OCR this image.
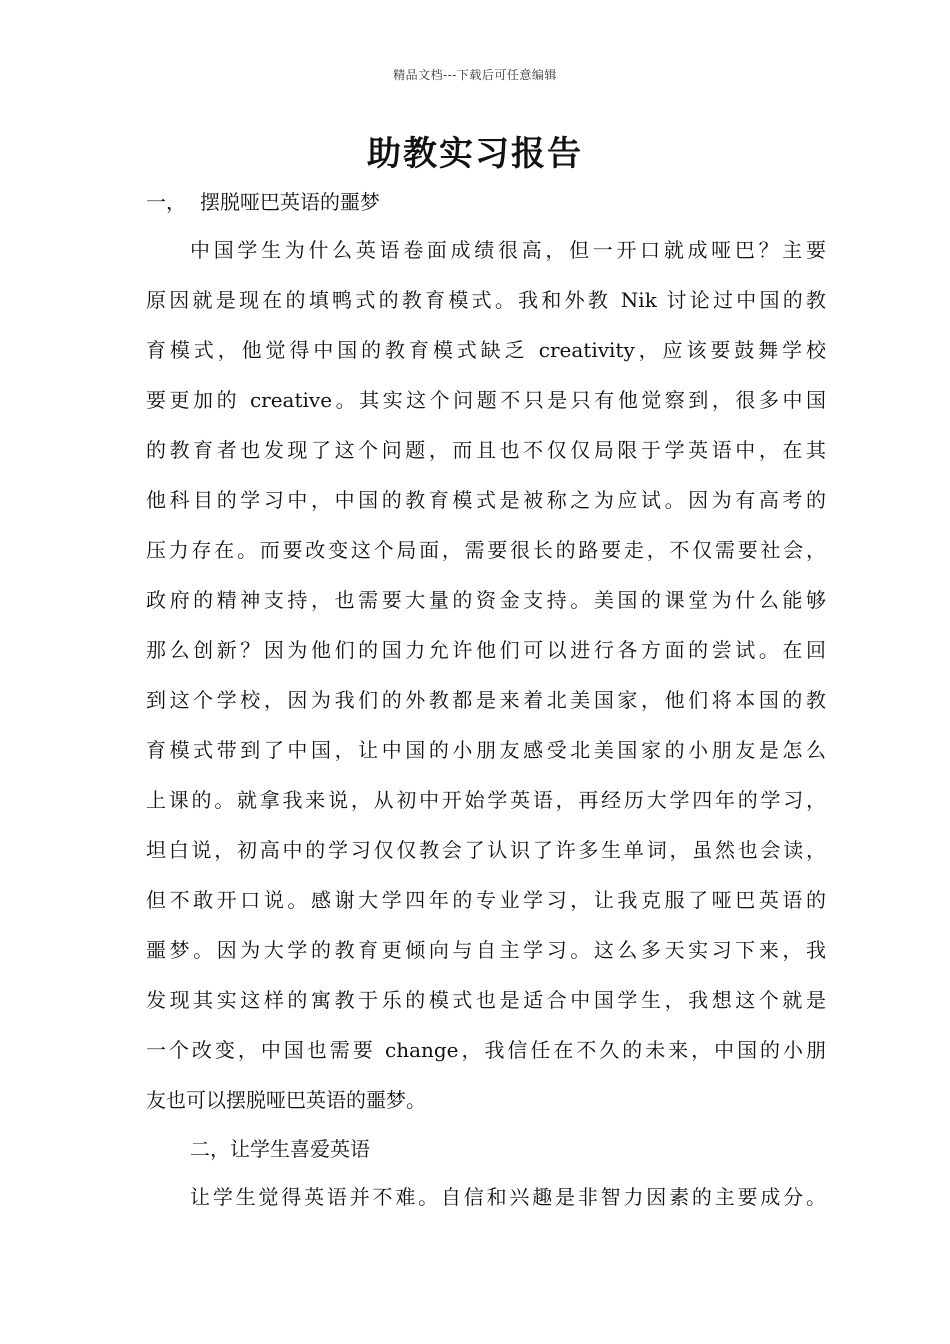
精品文档---下载后可任意编辑
助教实习报告
一， 摆脱哑巴英语的噩梦
中国学生为什么英语卷面成绩很高，但一开口就成哑巴？主要
原因就是现在的填鸭式的教育模式。我和外教 Nik 讨论过中国的教
育模式，他觉得中国的教育模式缺乏 creativity，应该要鼓舞学校
要更加的 creative。其实这个问题不只是只有他觉察到，很多中国
的教育者也发现了这个问题，而且也不仅仅局限于学英语中，在其
他科目的学习中，中国的教育模式是被称之为应试。因为有高考的
压力存在。而要改变这个局面，需要很长的路要走，不仅需要社会，
政府的精神支持，也需要大量的资金支持。美国的课堂为什么能够
那么创新？因为他们的国力允许他们可以进行各方面的尝试。在回
到这个学校，因为我们的外教都是来着北美国家，他们将本国的教
育模式带到了中国，让中国的小朋友感受北美国家的小朋友是怎么
上课的。就拿我来说，从初中开始学英语，再经历大学四年的学习，
坦白说，初高中的学习仅仅教会了认识了许多生单词，虽然也会读，
但不敢开口说。感谢大学四年的专业学习，让我克服了哑巴英语的
噩梦。因为大学的教育更倾向与自主学习。这么多天实习下来，我
发现其实这样的寓教于乐的模式也是适合中国学生，我想这个就是
一个改变，中国也需要 change，我信任在不久的未来，中国的小朋
友也可以摆脱哑巴英语的噩梦。
二，让学生喜爱英语
让学生觉得英语并不难。自信和兴趣是非智力因素的主要成分。
